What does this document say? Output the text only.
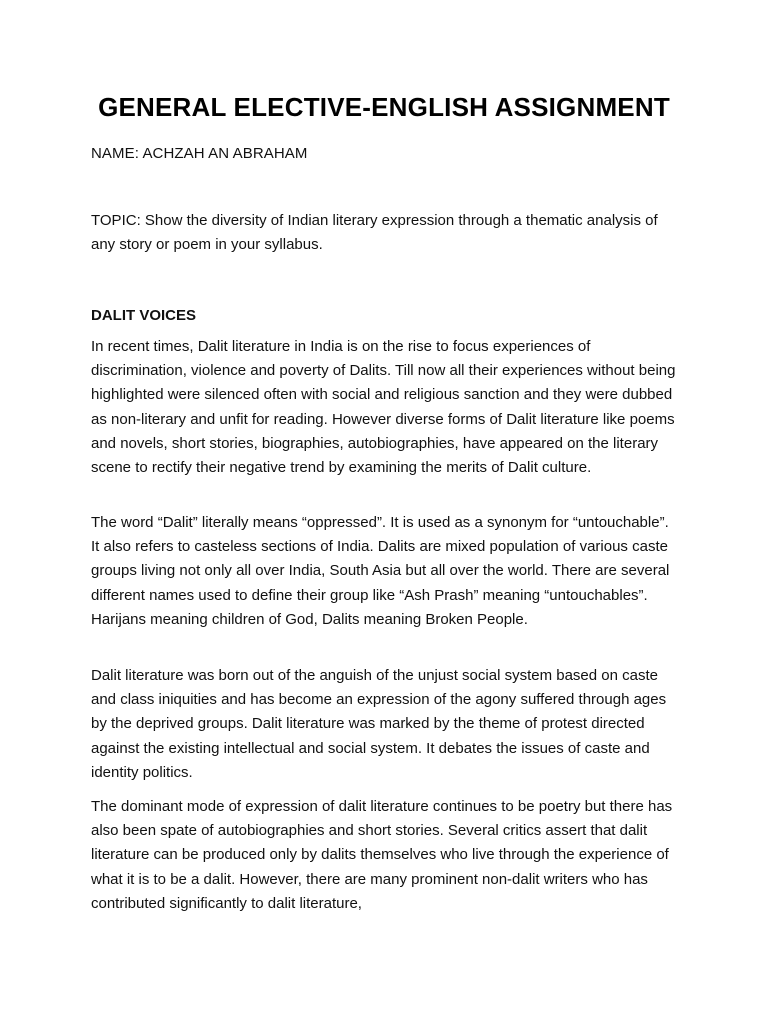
GENERAL ELECTIVE-ENGLISH ASSIGNMENT
NAME: ACHZAH AN ABRAHAM
TOPIC: Show the diversity of Indian literary expression through a thematic analysis of any story or poem in your syllabus.
DALIT VOICES

In recent times, Dalit literature in India is on the rise to focus experiences of discrimination, violence and poverty of Dalits. Till now all their experiences without being highlighted were silenced often with social and religious sanction and they were dubbed as non-literary and unfit for reading. However diverse forms of Dalit literature like poems and novels, short stories, biographies, autobiographies, have appeared on the literary scene to rectify their negative trend by examining the merits of Dalit culture.

The word “Dalit” literally means “oppressed”. It is used as a synonym for “untouchable”. It also refers to casteless sections of India. Dalits are mixed population of various caste groups living not only all over India, South Asia but all over the world. There are several different names used to define their group like “Ash Prash” meaning “untouchables”. Harijans meaning children of God, Dalits meaning Broken People.

Dalit literature was born out of the anguish of the unjust social system based on caste and class iniquities and has become an expression of the agony suffered through ages by the deprived groups. Dalit literature was marked by the theme of protest directed against the existing intellectual and social system. It debates the issues of caste and identity politics.

The dominant mode of expression of dalit literature continues to be poetry but there has also been spate of autobiographies and short stories. Several critics assert that dalit literature can be produced only by dalits themselves who live through the experience of what it is to be a dalit. However, there are many prominent non-dalit writers who has contributed significantly to dalit literature,
